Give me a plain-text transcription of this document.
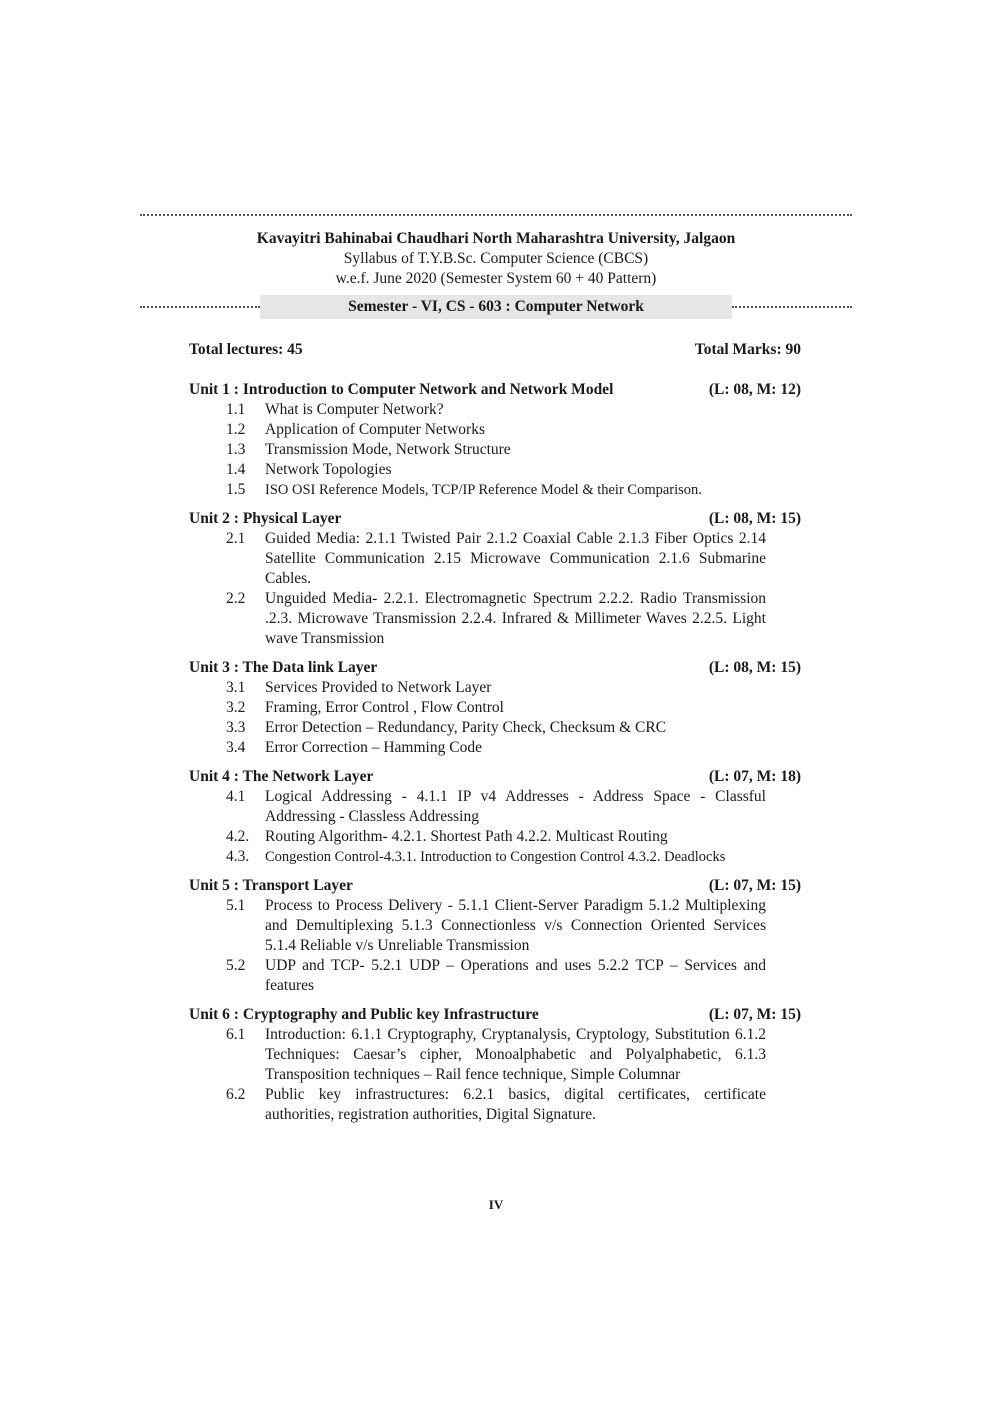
Kavayitri Bahinabai Chaudhari North Maharashtra University, Jalgaon
Syllabus of T.Y.B.Sc. Computer Science (CBCS)
w.e.f. June 2020 (Semester System 60 + 40 Pattern)
Semester - VI, CS - 603 : Computer Network
Total lectures: 45	Total Marks: 90
Unit 1 : Introduction to Computer Network and Network Model	(L: 08, M: 12)
1.1	What is Computer Network?
1.2	Application of Computer Networks
1.3	Transmission Mode, Network Structure
1.4	Network Topologies
1.5	ISO OSI Reference Models, TCP/IP Reference Model & their Comparison.
Unit 2 : Physical Layer	(L: 08, M: 15)
2.1	Guided Media: 2.1.1 Twisted Pair 2.1.2 Coaxial Cable 2.1.3 Fiber Optics 2.14 Satellite Communication 2.15 Microwave Communication 2.1.6 Submarine Cables.
2.2	Unguided Media- 2.2.1. Electromagnetic Spectrum 2.2.2. Radio Transmission .2.3. Microwave Transmission 2.2.4. Infrared & Millimeter Waves 2.2.5. Light wave Transmission
Unit 3 : The Data link Layer	(L: 08, M: 15)
3.1	Services Provided to Network Layer
3.2	Framing, Error Control , Flow Control
3.3	Error Detection – Redundancy, Parity Check, Checksum & CRC
3.4	Error Correction – Hamming Code
Unit 4 : The Network Layer	(L: 07, M: 18)
4.1	Logical Addressing - 4.1.1 IP v4 Addresses - Address Space - Classful Addressing - Classless Addressing
4.2.	Routing Algorithm- 4.2.1. Shortest Path 4.2.2. Multicast Routing
4.3.	Congestion Control-4.3.1. Introduction to Congestion Control 4.3.2. Deadlocks
Unit 5 : Transport Layer	(L: 07, M: 15)
5.1	Process to Process Delivery - 5.1.1 Client-Server Paradigm 5.1.2 Multiplexing and Demultiplexing 5.1.3 Connectionless v/s Connection Oriented Services 5.1.4 Reliable v/s Unreliable Transmission
5.2	UDP and TCP- 5.2.1 UDP – Operations and uses 5.2.2 TCP – Services and features
Unit 6 : Cryptography and Public key Infrastructure	(L: 07, M: 15)
6.1	Introduction: 6.1.1 Cryptography, Cryptanalysis, Cryptology, Substitution 6.1.2 Techniques: Caesar’s cipher, Monoalphabetic and Polyalphabetic, 6.1.3 Transposition techniques – Rail fence technique, Simple Columnar
6.2	Public key infrastructures: 6.2.1 basics, digital certificates, certificate authorities, registration authorities, Digital Signature.
IV
